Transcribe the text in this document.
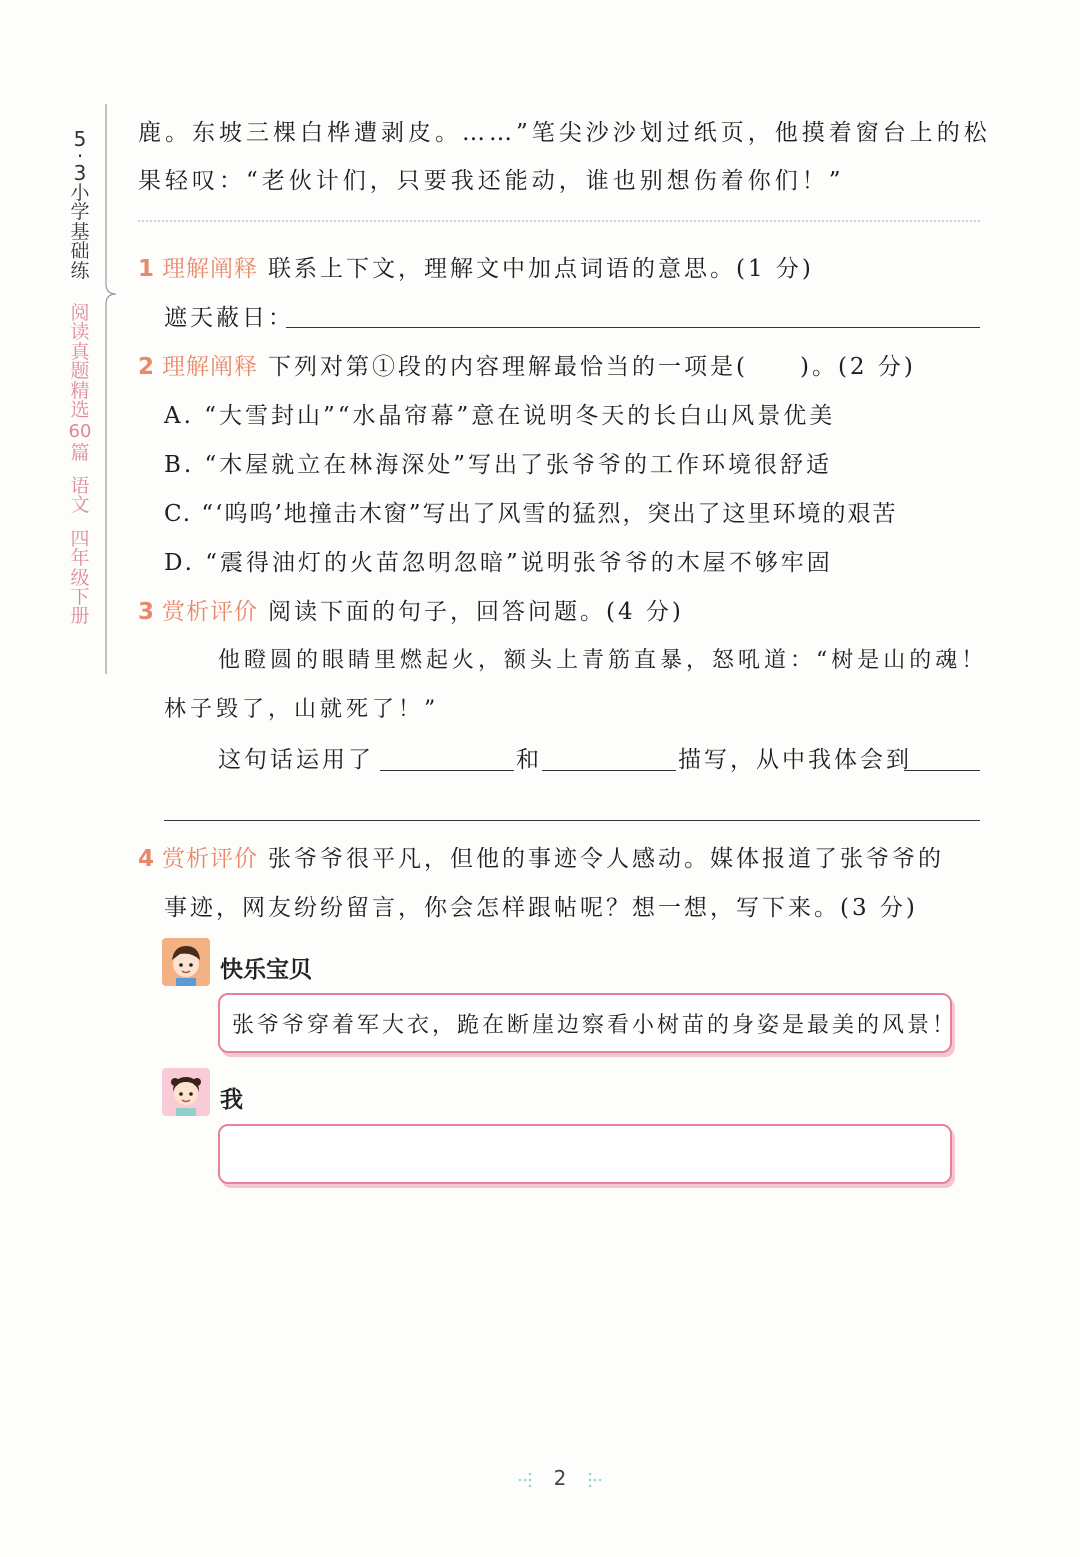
5
·
3
小
学
基
础
练
阅
读
真
题
精
选
60
篇
语
文
四
年
级
下
册
鹿。东坡三棵白桦遭剥皮。……”笔尖沙沙划过纸页，他摸着窗台上的松
果轻叹：“老伙计们，只要我还能动，谁也别想伤着你们！”
1 理解阐释 联系上下文，理解文中加点词语的意思。(1 分)
遮天蔽日：
2 理解阐释 下列对第①段的内容理解最恰当的一项是(　　)。(2 分)
A. “大雪封山”“水晶帘幕”意在说明冬天的长白山风景优美
B. “木屋就立在林海深处”写出了张爷爷的工作环境很舒适
C. “‘呜呜’地撞击木窗”写出了风雪的猛烈，突出了这里环境的艰苦
D. “震得油灯的火苗忽明忽暗”说明张爷爷的木屋不够牢固
3 赏析评价 阅读下面的句子，回答问题。(4 分)
他瞪圆的眼睛里燃起火，额头上青筋直暴，怒吼道：“树是山的魂！
林子毁了，山就死了！”
这句话运用了	和	描写，从中我体会到
4 赏析评价 张爷爷很平凡，但他的事迹令人感动。媒体报道了张爷爷的
事迹，网友纷纷留言，你会怎样跟帖呢？想一想，写下来。(3 分)
快乐宝贝
张爷爷穿着军大衣，跪在断崖边察看小树苗的身姿是最美的风景！
我
2
